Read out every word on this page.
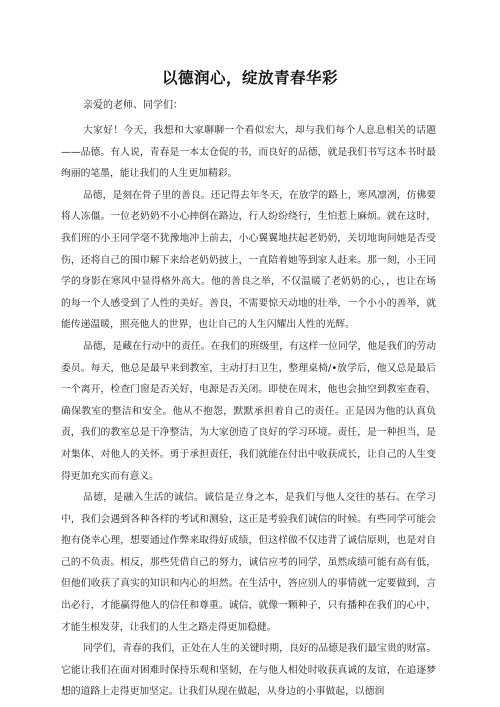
以德润心，绽放青春华彩
亲爱的老师、同学们：

大家好！今天，我想和大家聊聊一个看似宏大，却与我们每个人息息相关的话题——品德。有人说，青春是一本太仓促的书，而良好的品德，就是我们书写这本书时最绚丽的笔墨，能让我们的人生更加精彩。

品德，是刻在骨子里的善良。还记得去年冬天，在放学的路上，寒风凛冽，仿佛要将人冻僵。一位老奶奶不小心摔倒在路边，行人纷纷绕行，生怕惹上麻烦。就在这时，我们班的小王同学毫不犹豫地冲上前去，小心翼翼地扶起老奶奶，关切地询问她是否受伤，还将自己的围巾解下来给老奶奶披上，一直陪着她等到家人赶来。那一刻，小王同学的身影在寒风中显得格外高大。他的善良之举，不仅温暖了老奶奶的心，，也让在场的每一个人感受到了人性的美好。善良，不需要惊天动地的壮举，一个小小的善举，就能传递温暖，照亮他人的世界，也让自己的人生闪耀出人性的光辉。

品德，是藏在行动中的责任。在我们的班级里，有这样一位同学，他是我们的劳动委员。每天，他总是最早来到教室，主动打扫卫生，整理桌椅/•放学后，他又总是最后一个离开，检查门窗是否关好，电源是否关闭。即使在周末，他也会抽空到教室查看，确保教室的整洁和安全。他从不抱怨，默默承担着自己的责任。正是因为他的认真负责，我们的教室总是干净整洁，为大家创造了良好的学习环境。责任，是一种担当，是对集体、对他人的关怀。勇于承担责任，我们就能在付出中收获成长，让自己的人生变得更加充实而有意义。

品德，是融入生活的诚信。诚信是立身之本，是我们与他人交往的基石。在学习中，我们会遇到各种各样的考试和测验，这正是考验我们诚信的时候。有些同学可能会抱有侥幸心理，想要通过作弊来取得好成绩，但这样做不仅违背了诚信原则，也是对自己的不负责。相反，那些凭借自己的努力，诚信应考的同学，虽然成绩可能有高有低，但他们收获了真实的知识和内心的坦然。在生活中，答应别人的事情就一定要做到，言出必行，才能赢得他人的信任和尊重。诚信，就像一颗种子，只有播种在我们的心中，才能生根发芽，让我们的人生之路走得更加稳健。

同学们，青春的我们，正处在人生的关键时期，良好的品德是我们最宝贵的财富。它能让我们在面对困难时保持乐观和坚韧，在与他人相处时收获真诚的友谊，在追逐梦想的道路上走得更加坚定。让我们从现在做起，从身边的小事做起，以德润
